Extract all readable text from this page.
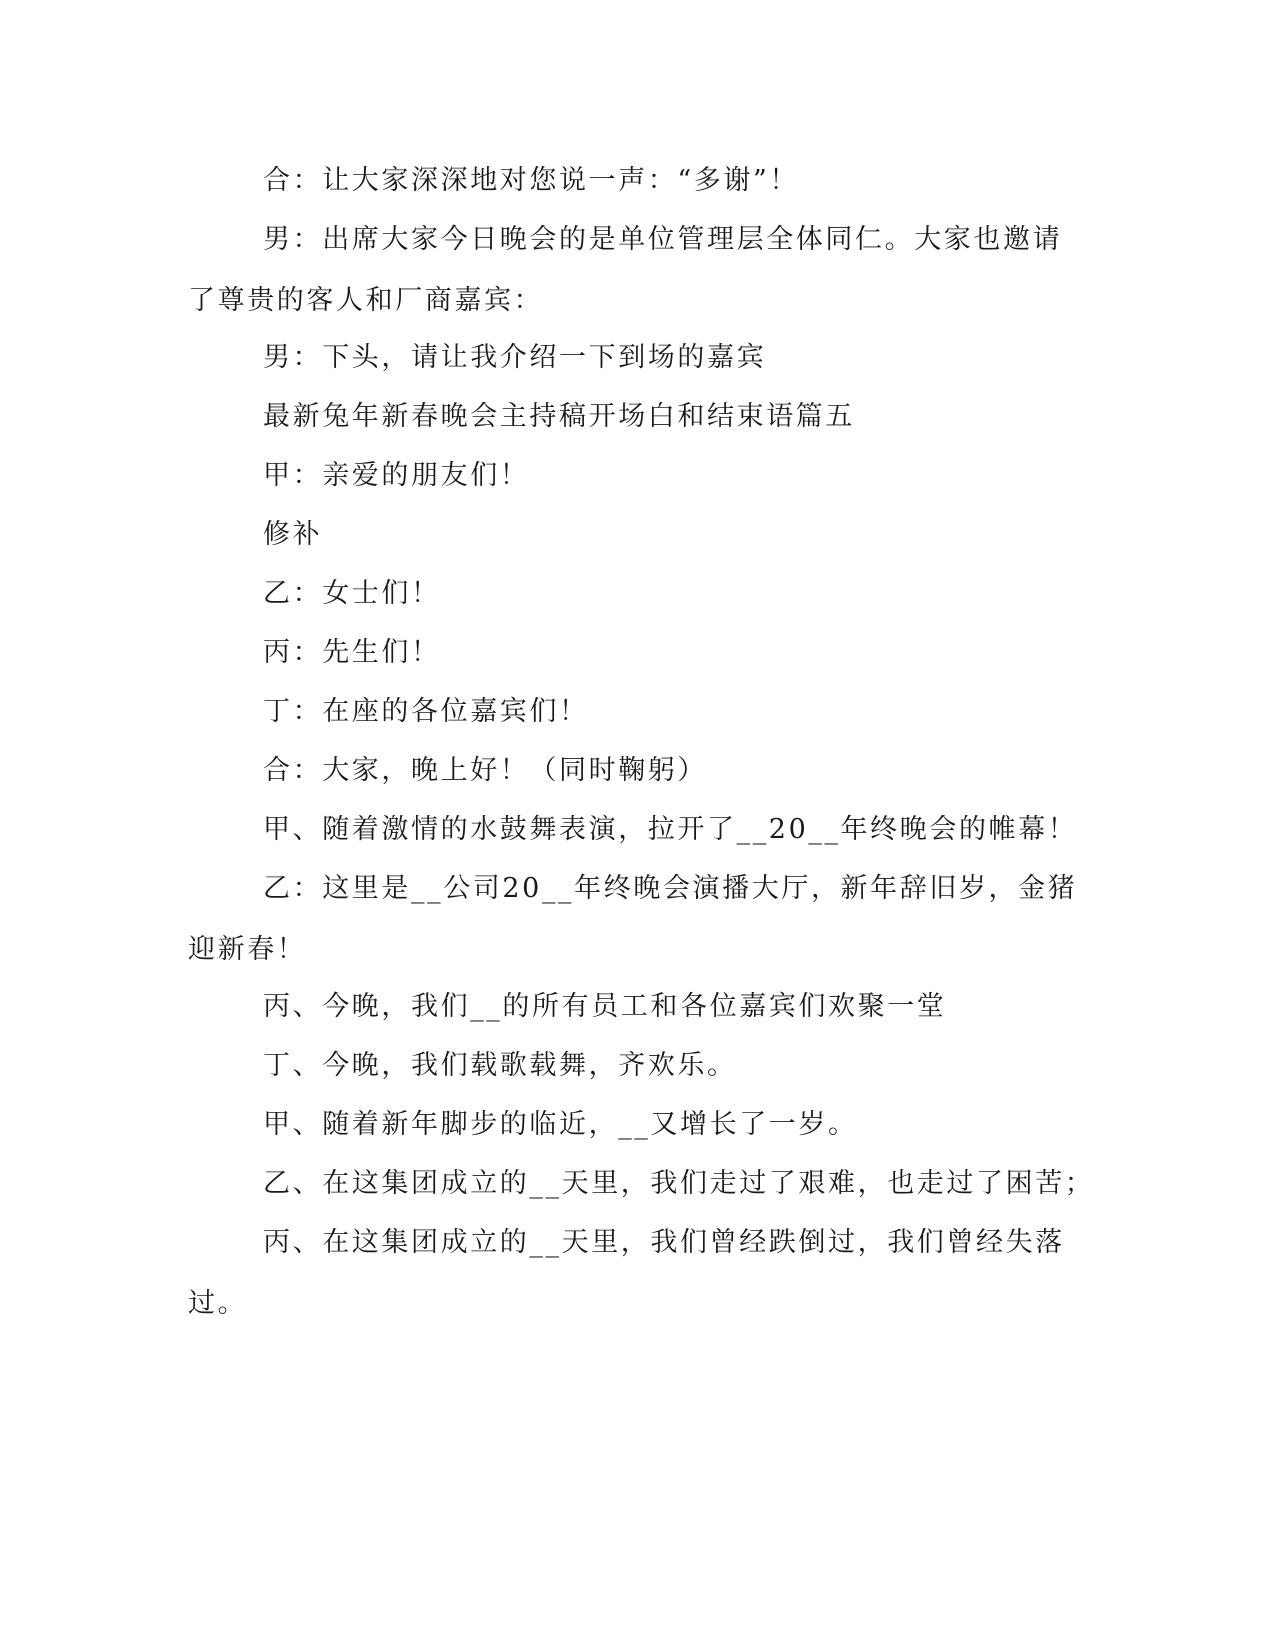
合：让大家深深地对您说一声：“多谢”！

男：出席大家今日晚会的是单位管理层全体同仁。大家也邀请了尊贵的客人和厂商嘉宾：

男：下头，请让我介绍一下到场的嘉宾

最新兔年新春晚会主持稿开场白和结束语篇五

甲：亲爱的朋友们！

修补

乙：女士们！

丙：先生们！

丁：在座的各位嘉宾们！

合：大家，晚上好！（同时鞠躬）

甲、随着激情的水鼓舞表演，拉开了__20__年终晚会的帷幕！

乙：这里是__公司20__年终晚会演播大厅，新年辞旧岁，金猪迎新春！

丙、今晚，我们__的所有员工和各位嘉宾们欢聚一堂

丁、今晚，我们载歌载舞，齐欢乐。

甲、随着新年脚步的临近，__又增长了一岁。

乙、在这集团成立的__天里，我们走过了艰难，也走过了困苦；

丙、在这集团成立的__天里，我们曾经跌倒过，我们曾经失落过。
